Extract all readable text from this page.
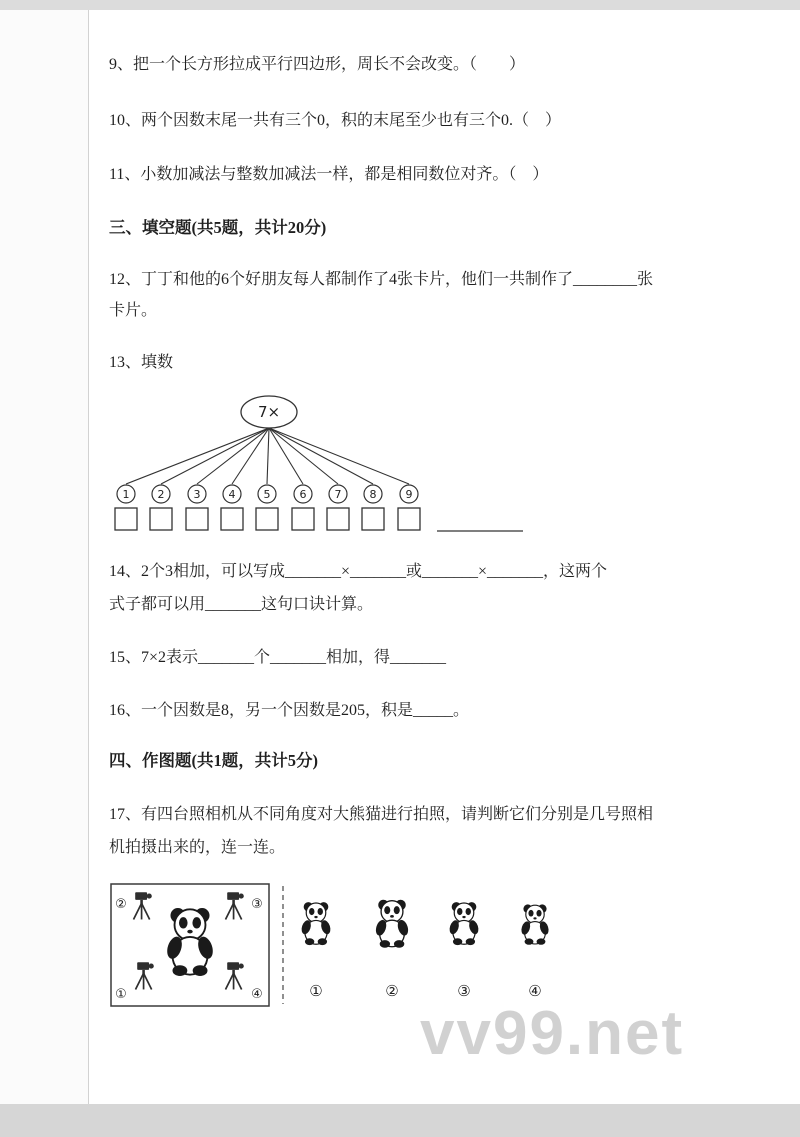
9、把一个长方形拉成平行四边形，周长不会改变。（　　）
10、两个因数末尾一共有三个0，积的末尾至少也有三个0.（　）
11、小数加减法与整数加减法一样，都是相同数位对齐。（　）
三、填空题(共5题，共计20分)
12、丁丁和他的6个好朋友每人都制作了4张卡片，他们一共制作了________张
卡片。
13、填数
7×
1	2	3	4	5	6	7	8	9
14、2个3相加，可以写成_______×_______或_______×_______，这两个
式子都可以用_______这句口诀计算。
15、7×2表示_______个_______相加，得_______
16、一个因数是8，另一个因数是205，积是_____。
四、作图题(共1题，共计5分)
17、有四台照相机从不同角度对大熊猫进行拍照，请判断它们分别是几号照相
机拍摄出来的，连一连。
②	③
①	④	①	②	③	④
vv99.net
